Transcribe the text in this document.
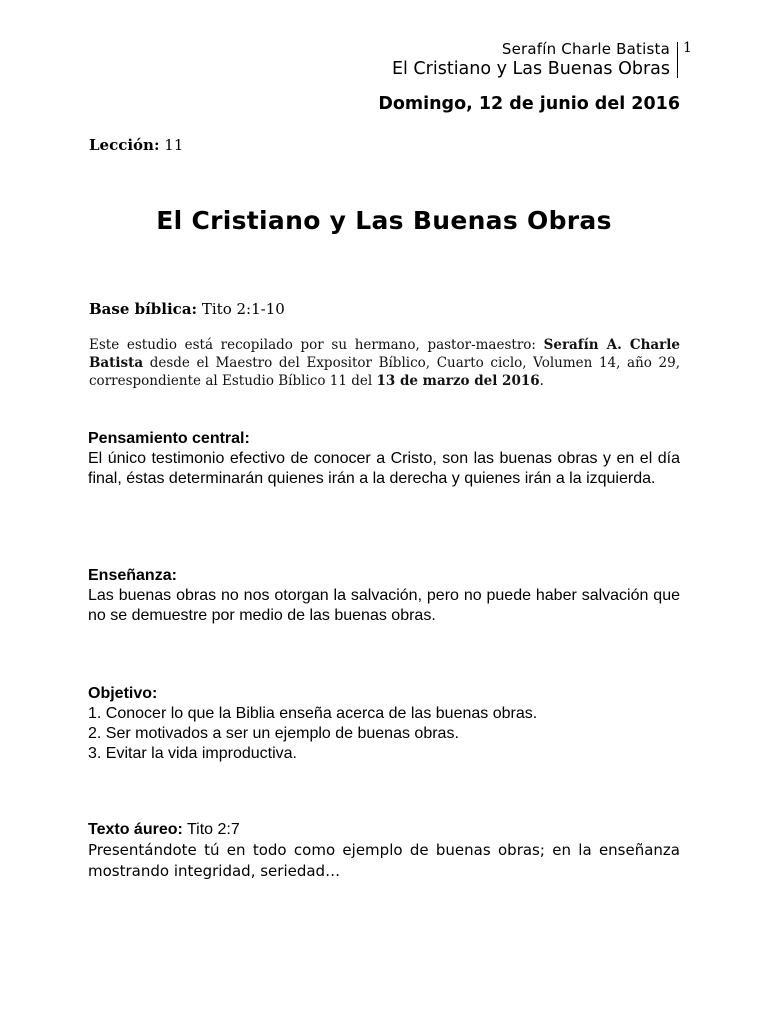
Serafín Charle Batista
El Cristiano y Las Buenas Obras
1
Domingo, 12 de junio del 2016
Lección: 11
El Cristiano y Las Buenas Obras
Base bíblica: Tito 2:1-10
Este estudio está recopilado por su hermano, pastor-maestro: Serafín A. Charle Batista desde el Maestro del Expositor Bíblico, Cuarto ciclo, Volumen 14, año 29, correspondiente al Estudio Bíblico 11 del 13 de marzo del 2016.
Pensamiento central:
El único testimonio efectivo de conocer a Cristo, son las buenas obras y en el día final, éstas determinarán quienes irán a la derecha y quienes irán a la izquierda.
Enseñanza:
Las buenas obras no nos otorgan la salvación, pero no puede haber salvación que no se demuestre por medio de las buenas obras.
Objetivo:
1. Conocer lo que la Biblia enseña acerca de las buenas obras.
2. Ser motivados a ser un ejemplo de buenas obras.
3. Evitar la vida improductiva.
Texto áureo: Tito 2:7
Presentándote tú en todo como ejemplo de buenas obras; en la enseñanza mostrando integridad, seriedad…
